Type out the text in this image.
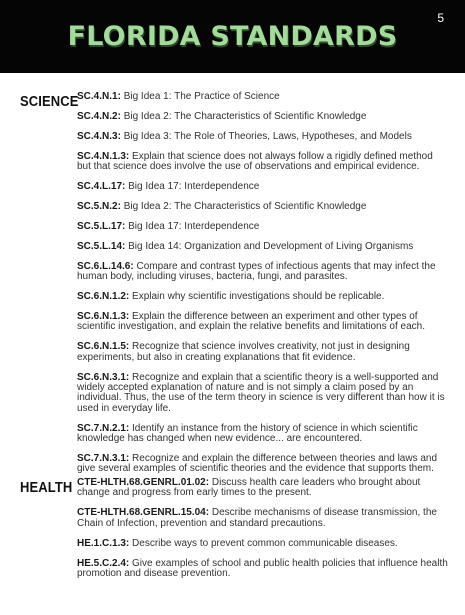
FLORIDA STANDARDS
5
SCIENCE
SC.4.N.1: Big Idea 1: The Practice of Science
SC.4.N.2: Big Idea 2: The Characteristics of Scientific Knowledge
SC.4.N.3: Big Idea 3: The Role of Theories, Laws, Hypotheses, and Models
SC.4.N.1.3: Explain that science does not always follow a rigidly defined method but that science does involve the use of observations and empirical evidence.
SC.4.L.17: Big Idea 17: Interdependence
SC.5.N.2: Big Idea 2: The Characteristics of Scientific Knowledge
SC.5.L.17: Big Idea 17: Interdependence
SC.5.L.14: Big Idea 14: Organization and Development of Living Organisms
SC.6.L.14.6: Compare and contrast types of infectious agents that may infect the human body, including viruses, bacteria, fungi, and parasites.
SC.6.N.1.2: Explain why scientific investigations should be replicable.
SC.6.N.1.3: Explain the difference between an experiment and other types of scientific investigation, and explain the relative benefits and limitations of each.
SC.6.N.1.5: Recognize that science involves creativity, not just in designing experiments, but also in creating explanations that fit evidence.
SC.6.N.3.1: Recognize and explain that a scientific theory is a well-supported and widely accepted explanation of nature and is not simply a claim posed by an individual. Thus, the use of the term theory in science is very different than how it is used in everyday life.
SC.7.N.2.1: Identify an instance from the history of science in which scientific knowledge has changed when new evidence... are encountered.
SC.7.N.3.1: Recognize and explain the difference between theories and laws and give several examples of scientific theories and the evidence that supports them.
HEALTH CTE-HLTH.68.GENRL.01.02: Discuss health care leaders who brought about change and progress from early times to the present.
CTE-HLTH.68.GENRL.15.04: Describe mechanisms of disease transmission, the Chain of Infection, prevention and standard precautions.
HE.1.C.1.3: Describe ways to prevent common communicable diseases.
HE.5.C.2.4: Give examples of school and public health policies that influence health promotion and disease prevention.
